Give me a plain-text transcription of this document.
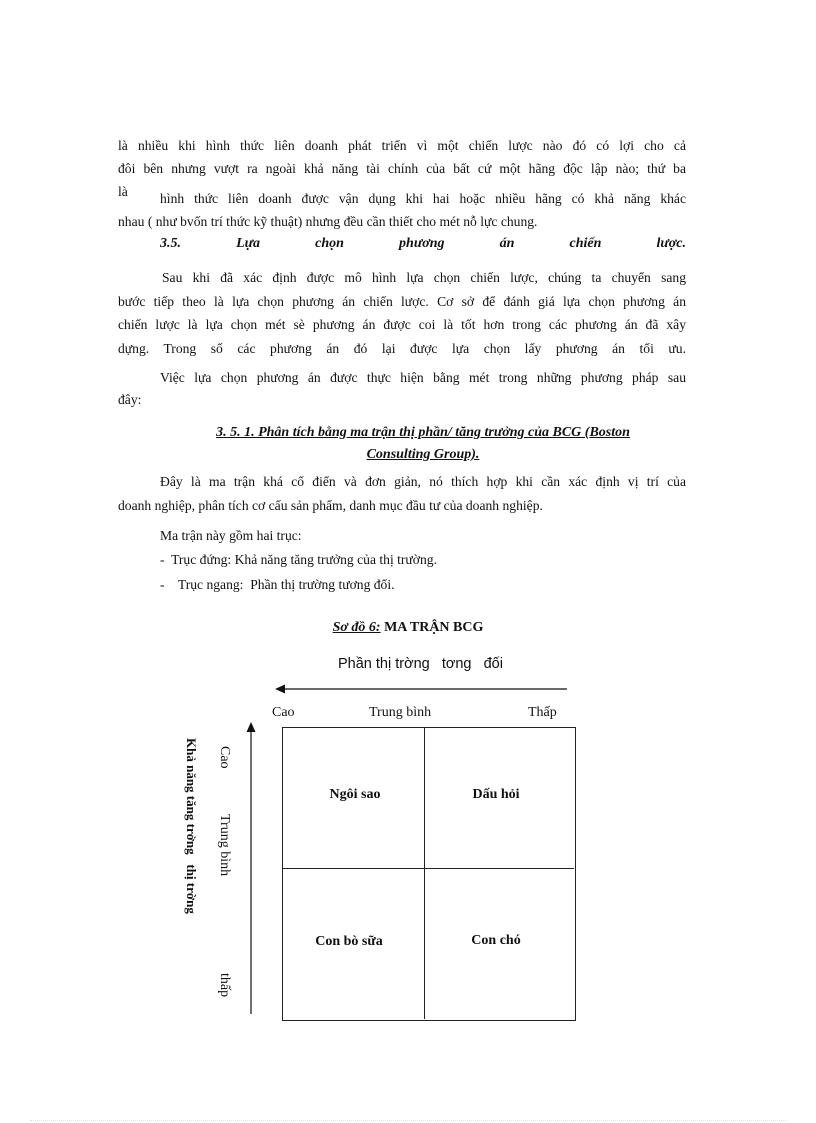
là nhiều khi hình thức liên doanh phát triển vì một chiến lược nào đó có lợi cho cả

đôi bên nhưng vượt ra ngoài khả năng tài chính của bất cứ một hãng độc lập nào; thứ ba

là	hình thức liên doanh được vận dụng khi hai hoặc nhiều hãng có khả năng khác

nhau ( như bvốn trí thức kỹ thuật) nhưng đều cần thiết cho mét nỗ lực chung.

3.5.	Lựa	chọn	phương	án	chiến	lược.

Sau khi đã xác định được mô hình lựa chọn chiến lược, chúng ta chuyển sang

bước tiếp theo là lựa chọn phương án chiến lược. Cơ sở để đánh giá lựa chọn phương án

chiến lược là lựa chọn mét sè phương án được coi là tốt hơn trong các phương án đã xây

dựng. Trong số các phương án đó lại được lựa chọn lấy phương án tối ưu.

Việc lựa chọn phương án được thực hiện bằng mét trong những phương pháp sau

đây:

3. 5. 1. Phân tích bằng ma trận thị phần/ tăng trưởng của BCG (Boston
Consulting Group).

Đây là ma trận khá cổ điển và đơn giản, nó thích hợp khi cần xác định vị trí của

doanh nghiệp, phân tích cơ cấu sản phẩm, danh mục đầu tư của doanh nghiệp.

Ma trận này gồm hai trục:

-  Trục đứng: Khả năng tăng trưởng của thị trường.

-    Trục ngang:  Phần thị trường tương đối.

Sơ đồ 6: MA TRẬN BCG
Phần thị trờng   tơng   đối
Cao	Trung bình	Thấp
Khả năng tăng trởng   thị trờng Cao
Trung bình
thấp
Ngôi sao	Dấu hỏi
Con bò sữa	Con chó
